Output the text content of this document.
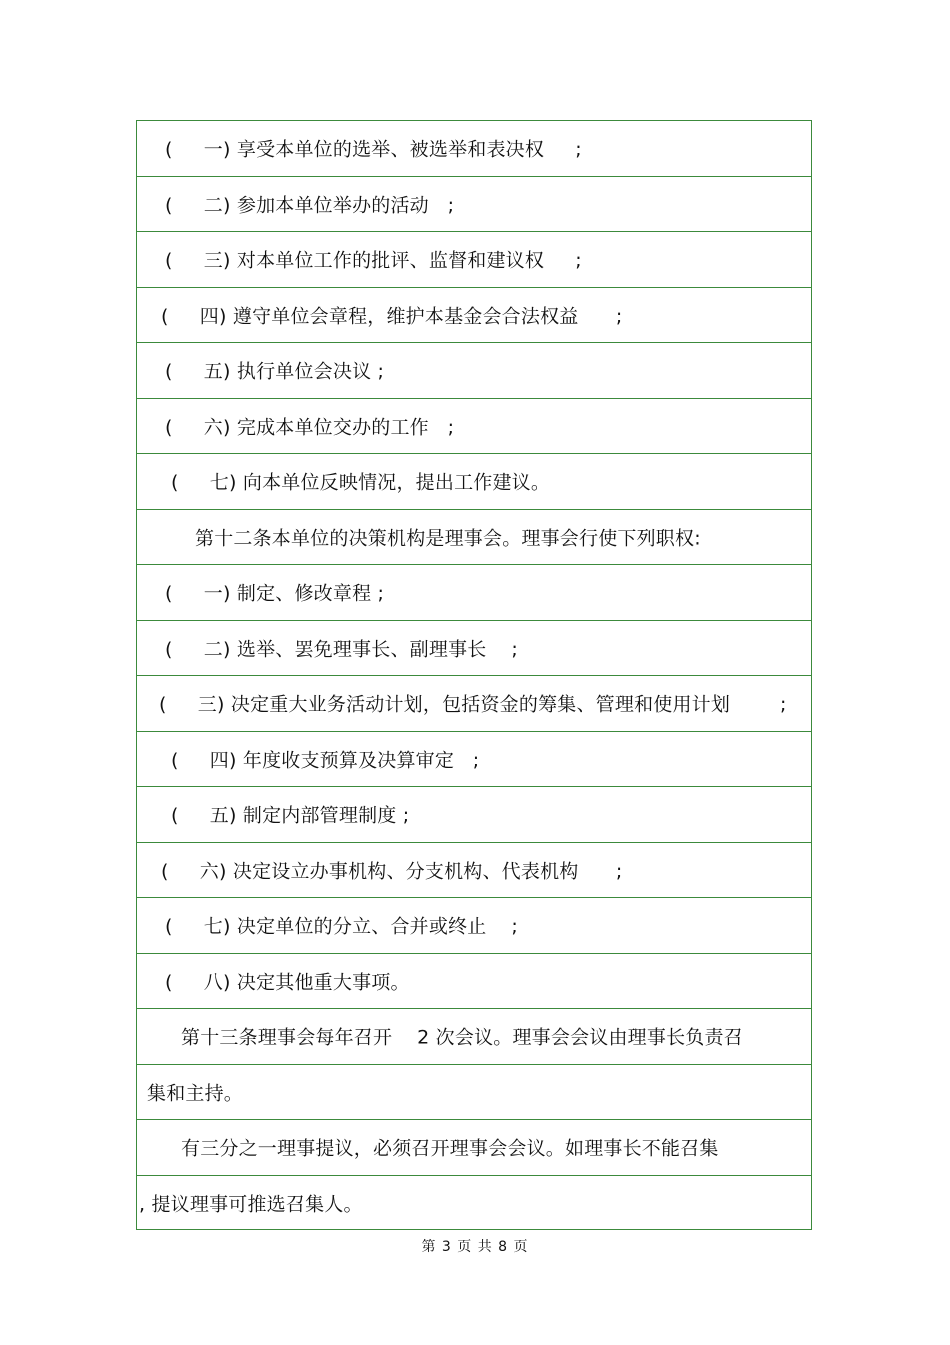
(     一) 享受本单位的选举、被选举和表决权     ;
(     二) 参加本单位举办的活动   ;
(     三) 对本单位工作的批评、监督和建议权     ;
(     四) 遵守单位会章程，维护本基金会合法权益      ;
(     五) 执行单位会决议 ;
(     六) 完成本单位交办的工作   ;
(     七) 向本单位反映情况，提出工作建议。
第十二条本单位的决策机构是理事会。理事会行使下列职权:
(     一) 制定、修改章程 ;
(     二) 选举、罢免理事长、副理事长    ;
(     三) 决定重大业务活动计划，包括资金的筹集、管理和使用计划        ;
(     四) 年度收支预算及决算审定   ;
(     五) 制定内部管理制度 ;
(     六) 决定设立办事机构、分支机构、代表机构      ;
(     七) 决定单位的分立、合并或终止    ;
(     八) 决定其他重大事项。
第十三条理事会每年召开    2 次会议。理事会会议由理事长负责召
集和主持。
有三分之一理事提议，必须召开理事会会议。如理事长不能召集
, 提议理事可推选召集人。
第 3 页 共 8 页
